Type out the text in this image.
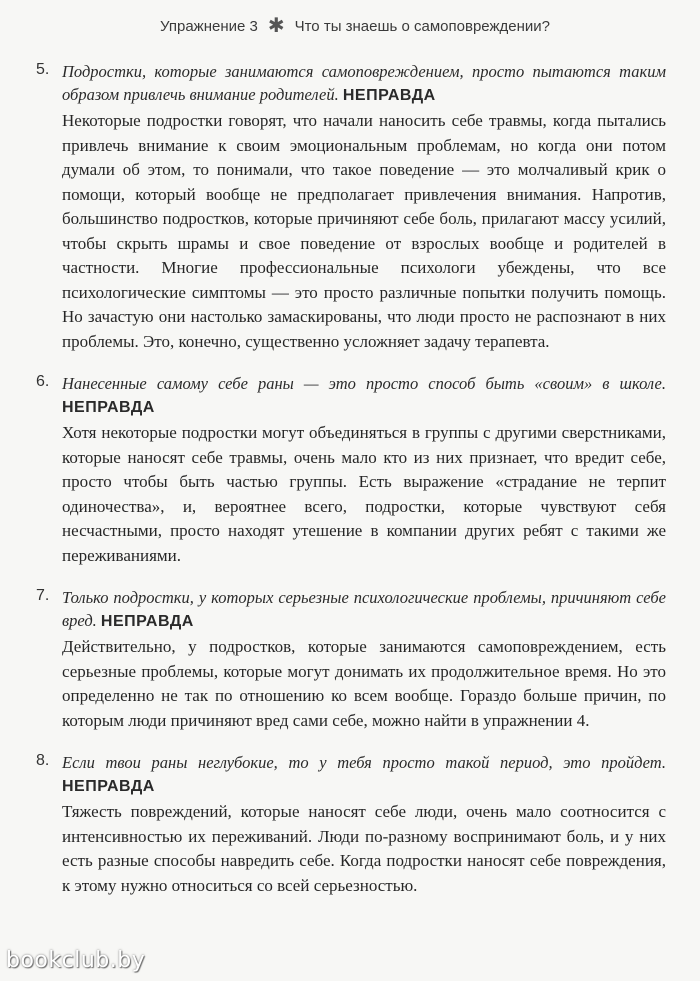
Упражнение 3 ✱ Что ты знаешь о самоповреждении?
5. Подростки, которые занимаются самоповреждением, просто пытаются таким образом привлечь внимание родителей. НЕПРАВДА
Некоторые подростки говорят, что начали наносить себе травмы, когда пытались привлечь внимание к своим эмоциональным проблемам, но когда они потом думали об этом, то понимали, что такое поведение — это молчаливый крик о помощи, который вообще не предполагает привлечения внимания. Напротив, большинство подростков, которые причиняют себе боль, прилагают массу усилий, чтобы скрыть шрамы и свое поведение от взрослых вообще и родителей в частности. Многие профессиональные психологи убеждены, что все психологические симптомы — это просто различные попытки получить помощь. Но зачастую они настолько замаскированы, что люди просто не распознают в них проблемы. Это, конечно, существенно усложняет задачу терапевта.
6. Нанесенные самому себе раны — это просто способ быть «своим» в школе. НЕПРАВДА
Хотя некоторые подростки могут объединяться в группы с другими сверстниками, которые наносят себе травмы, очень мало кто из них признает, что вредит себе, просто чтобы быть частью группы. Есть выражение «страдание не терпит одиночества», и, вероятнее всего, подростки, которые чувствуют себя несчастными, просто находят утешение в компании других ребят с такими же переживаниями.
7. Только подростки, у которых серьезные психологические проблемы, причиняют себе вред. НЕПРАВДА
Действительно, у подростков, которые занимаются самоповреждением, есть серьезные проблемы, которые могут донимать их продолжительное время. Но это определенно не так по отношению ко всем вообще. Гораздо больше причин, по которым люди причиняют вред сами себе, можно найти в упражнении 4.
8. Если твои раны неглубокие, то у тебя просто такой период, это пройдет. НЕПРАВДА
Тяжесть повреждений, которые наносят себе люди, очень мало соотносится с интенсивностью их переживаний. Люди по-разному воспринимают боль, и у них есть разные способы навредить себе. Когда подростки наносят себе повреждения, к этому нужно относиться со всей серьезностью.
bookclub.by
